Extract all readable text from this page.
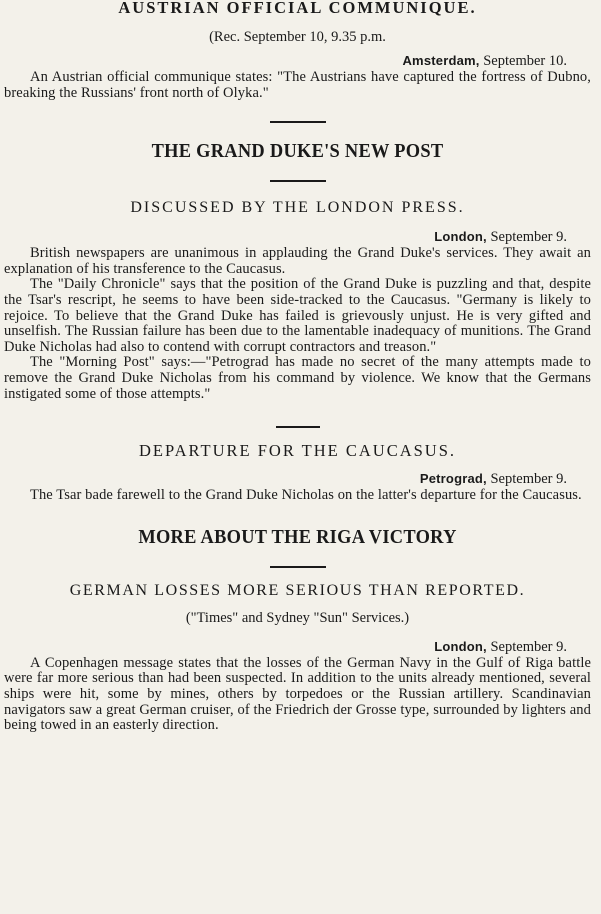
AUSTRIAN OFFICIAL COMMUNIQUE.

(Rec. September 10, 9.35 p.m.

Amsterdam, September 10.

An Austrian official communique states: "The Austrians have captured the fortress of Dubno, breaking the Russians' front north of Olyka."

THE GRAND DUKE'S NEW POST
DISCUSSED BY THE LONDON PRESS.

London, September 9.

British newspapers are unanimous in applauding the Grand Duke's services. They await an explanation of his transference to the Caucasus.

The "Daily Chronicle" says that the position of the Grand Duke is puzzling and that, despite the Tsar's rescript, he seems to have been side-tracked to the Caucasus. "Germany is likely to rejoice. To believe that the Grand Duke has failed is grievously unjust. He is very gifted and unselfish. The Russian failure has been due to the lamentable inadequacy of munitions. The Grand Duke Nicholas had also to contend with corrupt contractors and treason."

The "Morning Post" says:—"Petrograd has made no secret of the many attempts made to remove the Grand Duke Nicholas from his command by violence. We know that the Germans instigated some of those attempts."

DEPARTURE FOR THE CAUCASUS.

Petrograd, September 9.

The Tsar bade farewell to the Grand Duke Nicholas on the latter's departure for the Caucasus.

MORE ABOUT THE RIGA VICTORY
GERMAN LOSSES MORE SERIOUS THAN REPORTED.

("Times" and Sydney "Sun" Services.)

London, September 9.

A Copenhagen message states that the losses of the German Navy in the Gulf of Riga battle were far more serious than had been suspected. In addition to the units already mentioned, several ships were hit, some by mines, others by torpedoes or the Russian artillery. Scandinavian navigators saw a great German cruiser, of the Friedrich der Grosse type, surrounded by lighters and being towed in an easterly direction.
